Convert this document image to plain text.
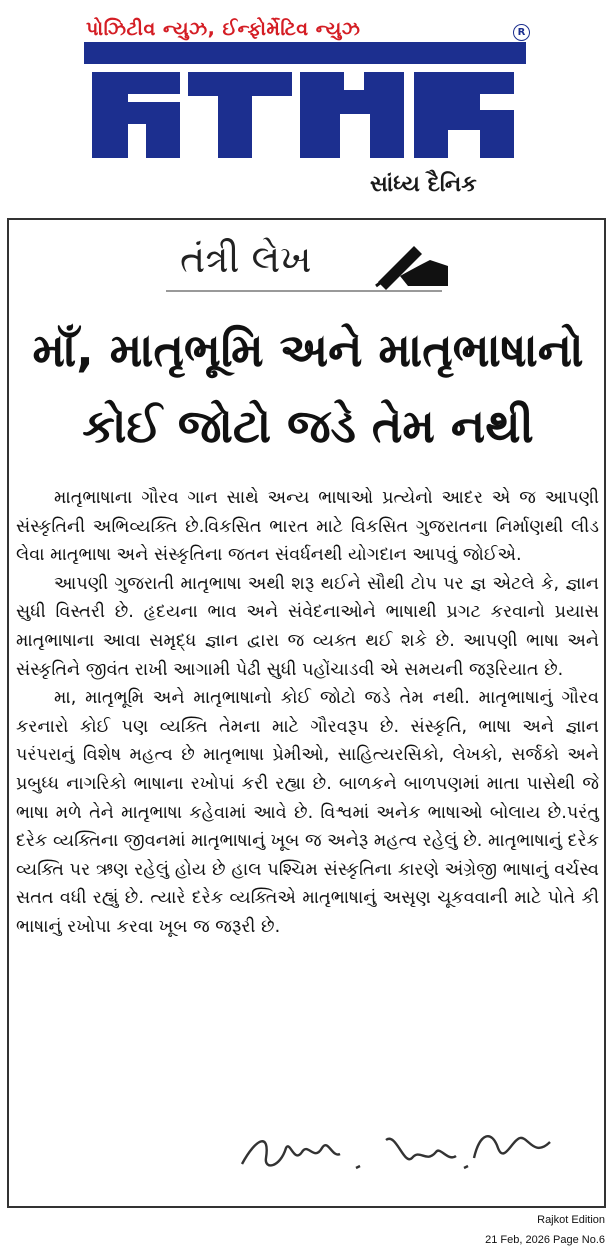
પોઝિટીવ ન્યુઝ, ઈન્ફોર્મેટિવ ન્યુઝ	R
સાંધ્ય દૈનિક
તંત્રી લેખ
માઁ, માતૃભૂમિ અને માતૃભાષાનો કોઈ જોટો જડે તેમ નથી

માતૃભાષાના ગૌરવ ગાન સાથે અન્ય ભાષાઓ પ્રત્યેનો આદર એ જ આપણી સંસ્કૃતિની અભિવ્યક્તિ છે.વિકસિત ભારત માટે વિકસિત ગુજરાતના નિર્માણથી લીડ લેવા માતૃભાષા અને સંસ્કૃતિના જતન સંવર્ધનથી યોગદાન આપવું જોઈએ.

આપણી ગુજરાતી માતૃભાષા અથી શરૂ થઈને સૌથી ટોપ પર જ્ઞ એટલે કે, જ્ઞાન સુધી વિસ્તરી છે. હૃદયના ભાવ અને સંવેદનાઓને ભાષાથી પ્રગટ કરવાનો પ્રયાસ માતૃભાષાના આવા સમૃદ્ધ જ્ઞાન દ્વારા જ વ્યક્ત થઈ શકે છે. આપણી ભાષા અને સંસ્કૃતિને જીવંત રાખી આગામી પેઢી સુધી પહોંચાડવી એ સમયની જરૂરિયાત છે.

મા, માતૃભૂમિ અને માતૃભાષાનો કોઈ જોટો જડે તેમ નથી. માતૃભાષાનું ગૌરવ કરનારો કોઈ પણ વ્યક્તિ તેમના માટે ગૌરવરૂપ છે. સંસ્કૃતિ, ભાષા અને જ્ઞાન પરંપરાનું વિશેષ મહત્વ છે માતૃભાષા પ્રેમીઓ, સાહિત્યરસિકો, લેખકો, સર્જકો અને પ્રબુધ્ધ નાગરિકો ભાષાના રખોપાં કરી રહ્યા છે. બાળકને બાળપણમાં માતા પાસેથી જે ભાષા મળે તેને માતૃભાષા કહેવામાં આવે છે. વિશ્વમાં અનેક ભાષાઓ બોલાય છે.પરંતુ દરેક વ્યક્તિના જીવનમાં માતૃભાષાનું ખૂબ જ અનેરૂ મહત્વ રહેલું છે. માતૃભાષાનું દરેક વ્યક્તિ પર ઋણ રહેલું હોય છે હાલ પશ્ચિમ સંસ્કૃતિના કારણે અંગ્રેજી ભાષાનું વર્ચસ્વ સતત વધી રહ્યું છે. ત્યારે દરેક વ્યક્તિએ માતૃભાષાનું અસૃણ ચૂકવવાની માટે પોતે કી ભાષાનું રખોપા કરવા ખૂબ જ જરૂરી છે.

Rajkot Edition
21 Feb, 2026 Page No.6
